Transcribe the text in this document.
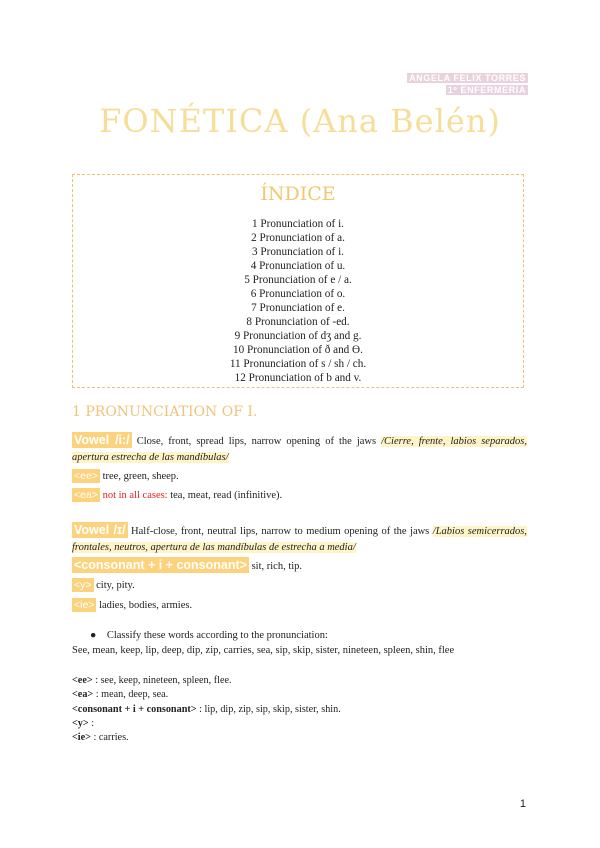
ANGELA FELIX TORRES
1º ENFERMERÍA
FONÉTICA (Ana Belén)
ÍNDICE
1 Pronunciation of i.
2 Pronunciation of a.
3 Pronunciation of i.
4 Pronunciation of u.
5 Pronunciation of e / a.
6 Pronunciation of o.
7 Pronunciation of e.
8 Pronunciation of -ed.
9 Pronunciation of dʒ and g.
10 Pronunciation of ð and Ɵ.
11 Pronunciation of s / sh / ch.
12 Pronunciation of b and v.
1 PRONUNCIATION OF I.
Vowel /i:/ Close, front, spread lips, narrow opening of the jaws /Cierre, frente, labios separados, apertura estrecha de las mandíbulas/
<ee> tree, green, sheep.
<ea> not in all cases: tea, meat, read (infinitive).
Vowel /ɪ/ Half-close, front, neutral lips, narrow to medium opening of the jaws /Labios semicerrados, frontales, neutros, apertura de las mandíbulas de estrecha a media/
<consonant + i + consonant> sit, rich, tip.
<y> city, pity.
<ie> ladies, bodies, armies.
● Classify these words according to the pronunciation:
See, mean, keep, lip, deep, dip, zip, carries, sea, sip, skip, sister, nineteen, spleen, shin, flee
<ee> : see, keep, nineteen, spleen, flee.
<ea> : mean, deep, sea.
<consonant + i + consonant> : lip, dip, zip, sip, skip, sister, shin.
<y> :
<ie> : carries.
1
